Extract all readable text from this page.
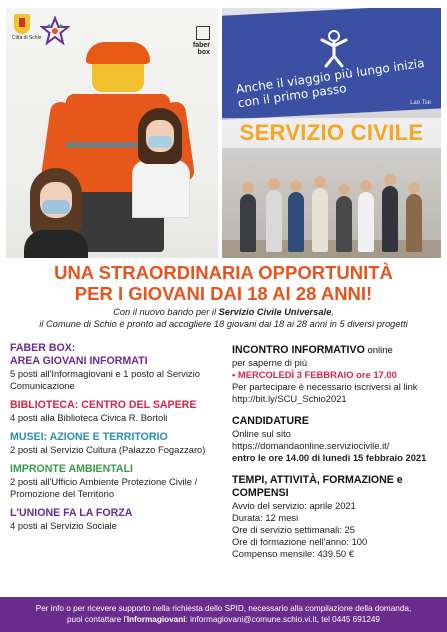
Città di Schio
faber box
Anche il viaggio più lungo inizia con il primo passo	Lao Tse
SERVIZIO CIVILE
UNA STRAORDINARIA OPPORTUNITÀ
PER I GIOVANI DAI 18 AI 28 ANNI!
Con il nuovo bando per il Servizio Civile Universale,
il Comune di Schio è pronto ad accogliere 18 giovani dai 18 ai 28 anni in 5 diversi progetti
FABER BOX:
AREA GIOVANI INFORMATI
5 posti all'Informagiovani e 1 posto al Servizio Comunicazione
BIBLIOTECA: CENTRO DEL SAPERE
4 posti alla Biblioteca Civica R. Bortoli
MUSEI: AZIONE E TERRITORIO
2 posti al Servizio Cultura (Palazzo Fogazzaro)
IMPRONTE AMBIENTALI
2 posti all'Ufficio Ambiente Protezione Civile / Promozione del Territorio
L'UNIONE FA LA FORZA
4 posti al Servizio Sociale
INCONTRO INFORMATIVO online
per saperne di più
• MERCOLEDÌ 3 FEBBRAIO ore 17.00
Per partecipare è necessario iscriversi al link http://bit.ly/SCU_Schio2021
CANDIDATURE
Online sul sito
https://domandaonline.serviziocivile.it/
entro le ore 14.00 di lunedì 15 febbraio 2021
TEMPI, ATTIVITÀ, FORMAZIONE e COMPENSI
Avvio del servizio: aprile 2021
Durata: 12 mesi
Ore di servizio settimanali: 25
Ore di formazione nell'anno: 100
Compenso mensile: 439.50 €
Per info o per ricevere supporto nella richiesta dello SPID, necessario alla compilazione della domanda,
puoi contattare l'Informagiovani: informagiovani@comune.schio.vi.it, tel 0445 691249
